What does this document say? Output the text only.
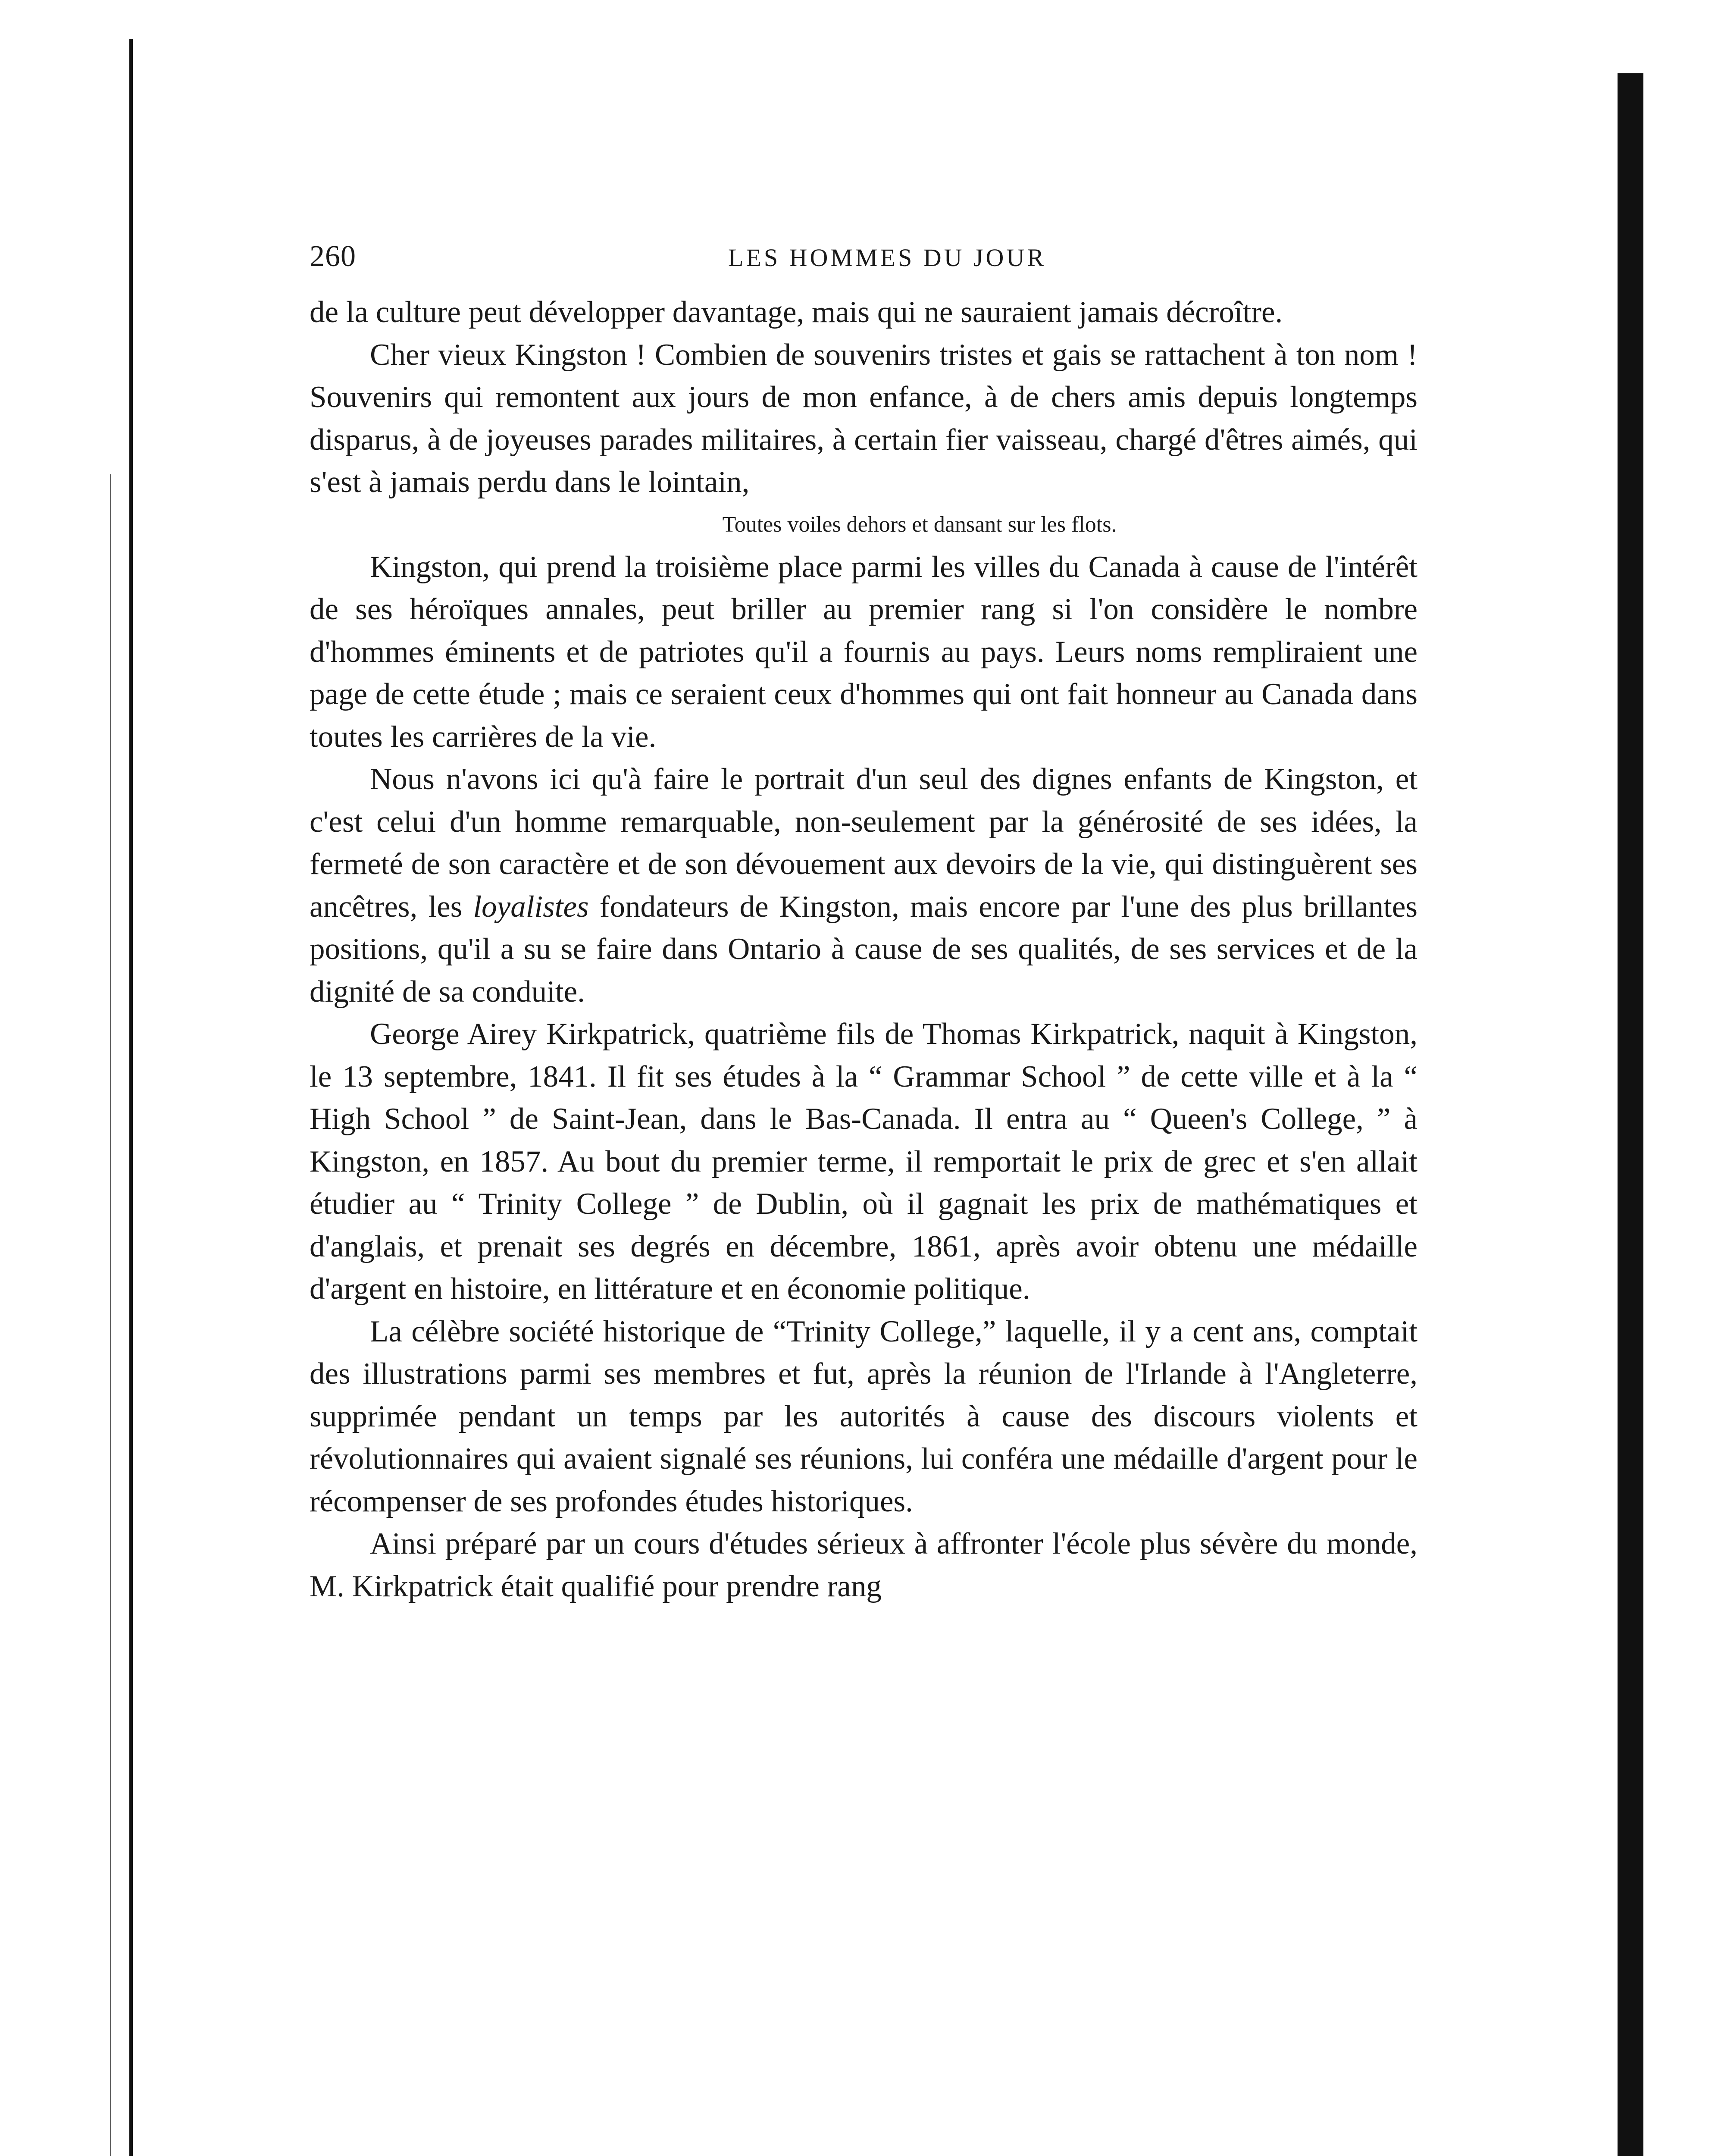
260	LES HOMMES DU JOUR

de la culture peut développer davantage, mais qui ne sauraient jamais décroître.

Cher vieux Kingston ! Combien de souvenirs tristes et gais se rattachent à ton nom ! Souvenirs qui remontent aux jours de mon enfance, à de chers amis depuis longtemps disparus, à de joyeuses parades militaires, à certain fier vaisseau, chargé d'êtres aimés, qui s'est à jamais perdu dans le lointain,

Toutes voiles dehors et dansant sur les flots.

Kingston, qui prend la troisième place parmi les villes du Canada à cause de l'intérêt de ses héroïques annales, peut briller au premier rang si l'on considère le nombre d'hommes éminents et de patriotes qu'il a fournis au pays. Leurs noms rempliraient une page de cette étude ; mais ce seraient ceux d'hommes qui ont fait honneur au Canada dans toutes les carrières de la vie.

Nous n'avons ici qu'à faire le portrait d'un seul des dignes enfants de Kingston, et c'est celui d'un homme remarquable, non-seulement par la générosité de ses idées, la fermeté de son caractère et de son dévouement aux devoirs de la vie, qui distinguèrent ses ancêtres, les loyalistes fondateurs de Kingston, mais encore par l'une des plus brillantes positions, qu'il a su se faire dans Ontario à cause de ses qualités, de ses services et de la dignité de sa conduite.

George Airey Kirkpatrick, quatrième fils de Thomas Kirkpatrick, naquit à Kingston, le 13 septembre, 1841. Il fit ses études à la “ Grammar School ” de cette ville et à la “ High School ” de Saint-Jean, dans le Bas-Canada. Il entra au “ Queen's College, ” à Kingston, en 1857. Au bout du premier terme, il remportait le prix de grec et s'en allait étudier au “ Trinity College ” de Dublin, où il gagnait les prix de mathématiques et d'anglais, et prenait ses degrés en décembre, 1861, après avoir obtenu une médaille d'argent en histoire, en littérature et en économie politique.

La célèbre société historique de “Trinity College,” laquelle, il y a cent ans, comptait des illustrations parmi ses membres et fut, après la réunion de l'Irlande à l'Angleterre, supprimée pendant un temps par les autorités à cause des discours violents et révolutionnaires qui avaient signalé ses réunions, lui conféra une médaille d'argent pour le récompenser de ses profondes études historiques.

Ainsi préparé par un cours d'études sérieux à affronter l'école plus sévère du monde, M. Kirkpatrick était qualifié pour prendre rang
